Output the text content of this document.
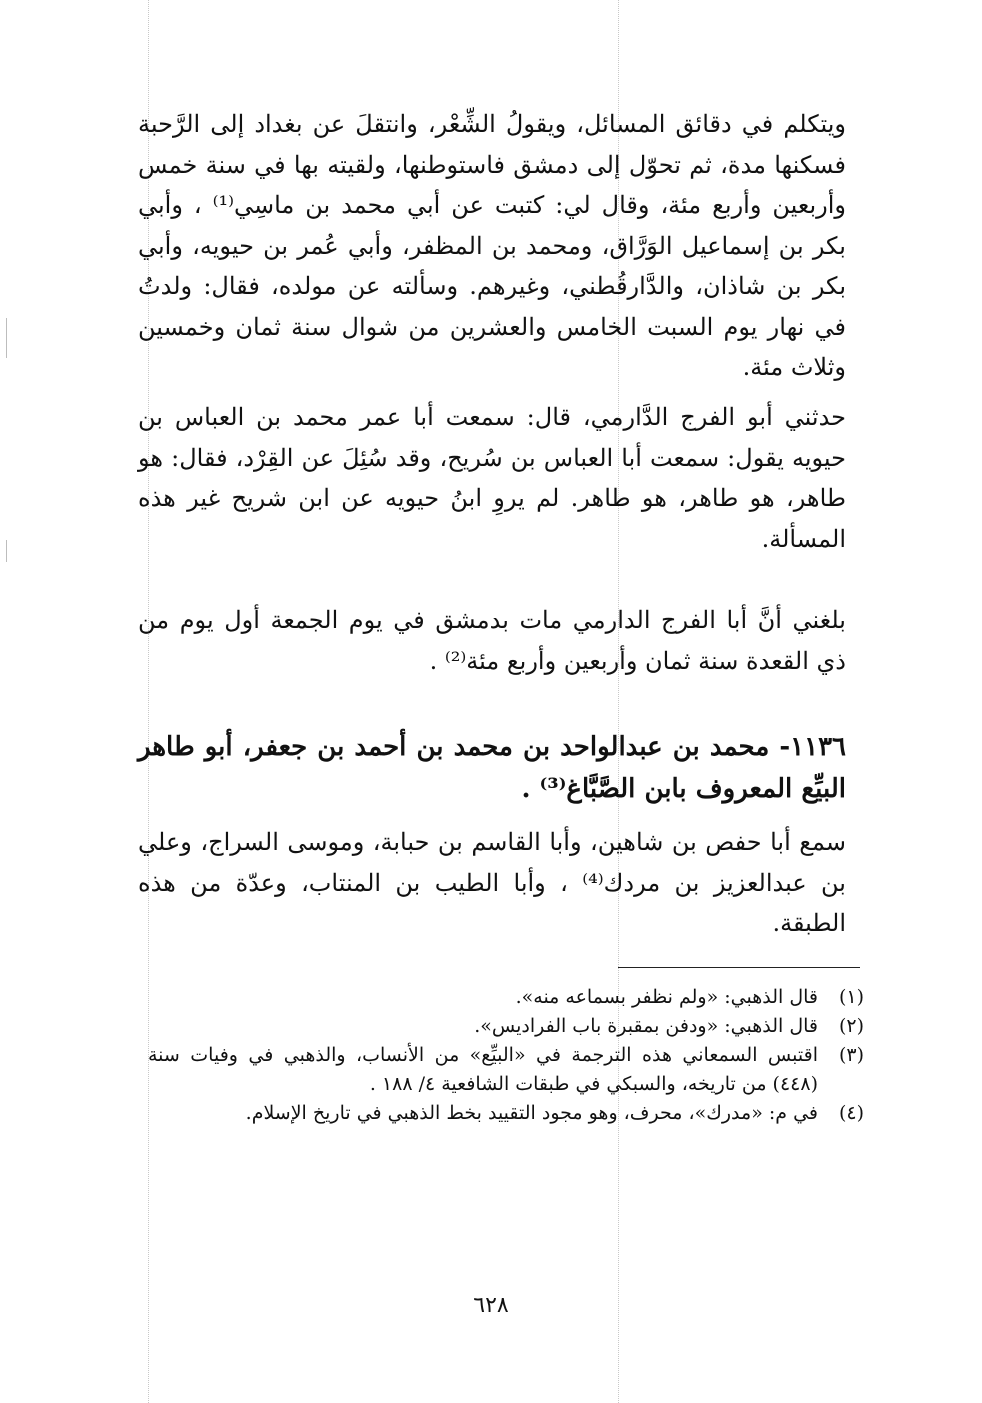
ويتكلم في دقائق المسائل، ويقولُ الشِّعْر، وانتقلَ عن بغداد إلى الرَّحبة فسكنها مدة، ثم تحوّل إلى دمشق فاستوطنها، ولقيته بها في سنة خمس وأربعين وأربع مئة، وقال لي: كتبت عن أبي محمد بن ماسِي⁽¹⁾ ، وأبي بكر بن إسماعيل الوَرَّاق، ومحمد بن المظفر، وأبي عُمر بن حيويه، وأبي بكر بن شاذان، والدَّارقُطني، وغيرهم. وسألته عن مولده، فقال: ولدتُ في نهار يوم السبت الخامس والعشرين من شوال سنة ثمان وخمسين وثلاث مئة.

حدثني أبو الفرج الدَّارمي، قال: سمعت أبا عمر محمد بن العباس بن حيويه يقول: سمعت أبا العباس بن سُريح، وقد سُئِلَ عن القِرْد، فقال: هو طاهر، هو طاهر، هو طاهر. لم يروِ ابنُ حيويه عن ابن شريح غير هذه المسألة.

بلغني أنَّ أبا الفرج الدارمي مات بدمشق في يوم الجمعة أول يوم من ذي القعدة سنة ثمان وأربعين وأربع مئة⁽²⁾ .

١١٣٦- محمد بن عبدالواحد بن محمد بن أحمد بن جعفر، أبو طاهر البيِّع المعروف بابن الصَّبَّاغ⁽³⁾ .

سمع أبا حفص بن شاهين، وأبا القاسم بن حبابة، وموسى السراج، وعلي بن عبدالعزيز بن مردك⁽⁴⁾ ، وأبا الطيب بن المنتاب، وعدّة من هذه الطبقة.

(١)
قال الذهبي: «ولم نظفر بسماعه منه».
(٢)
قال الذهبي: «ودفن بمقبرة باب الفراديس».
(٣)
اقتبس السمعاني هذه الترجمة في «البيِّع» من الأنساب، والذهبي في وفيات سنة (٤٤٨) من تاريخه، والسبكي في طبقات الشافعية ٤/ ١٨٨ .
(٤)
في م: «مدرك»، محرف، وهو مجود التقييد بخط الذهبي في تاريخ الإسلام.
٦٢٨
